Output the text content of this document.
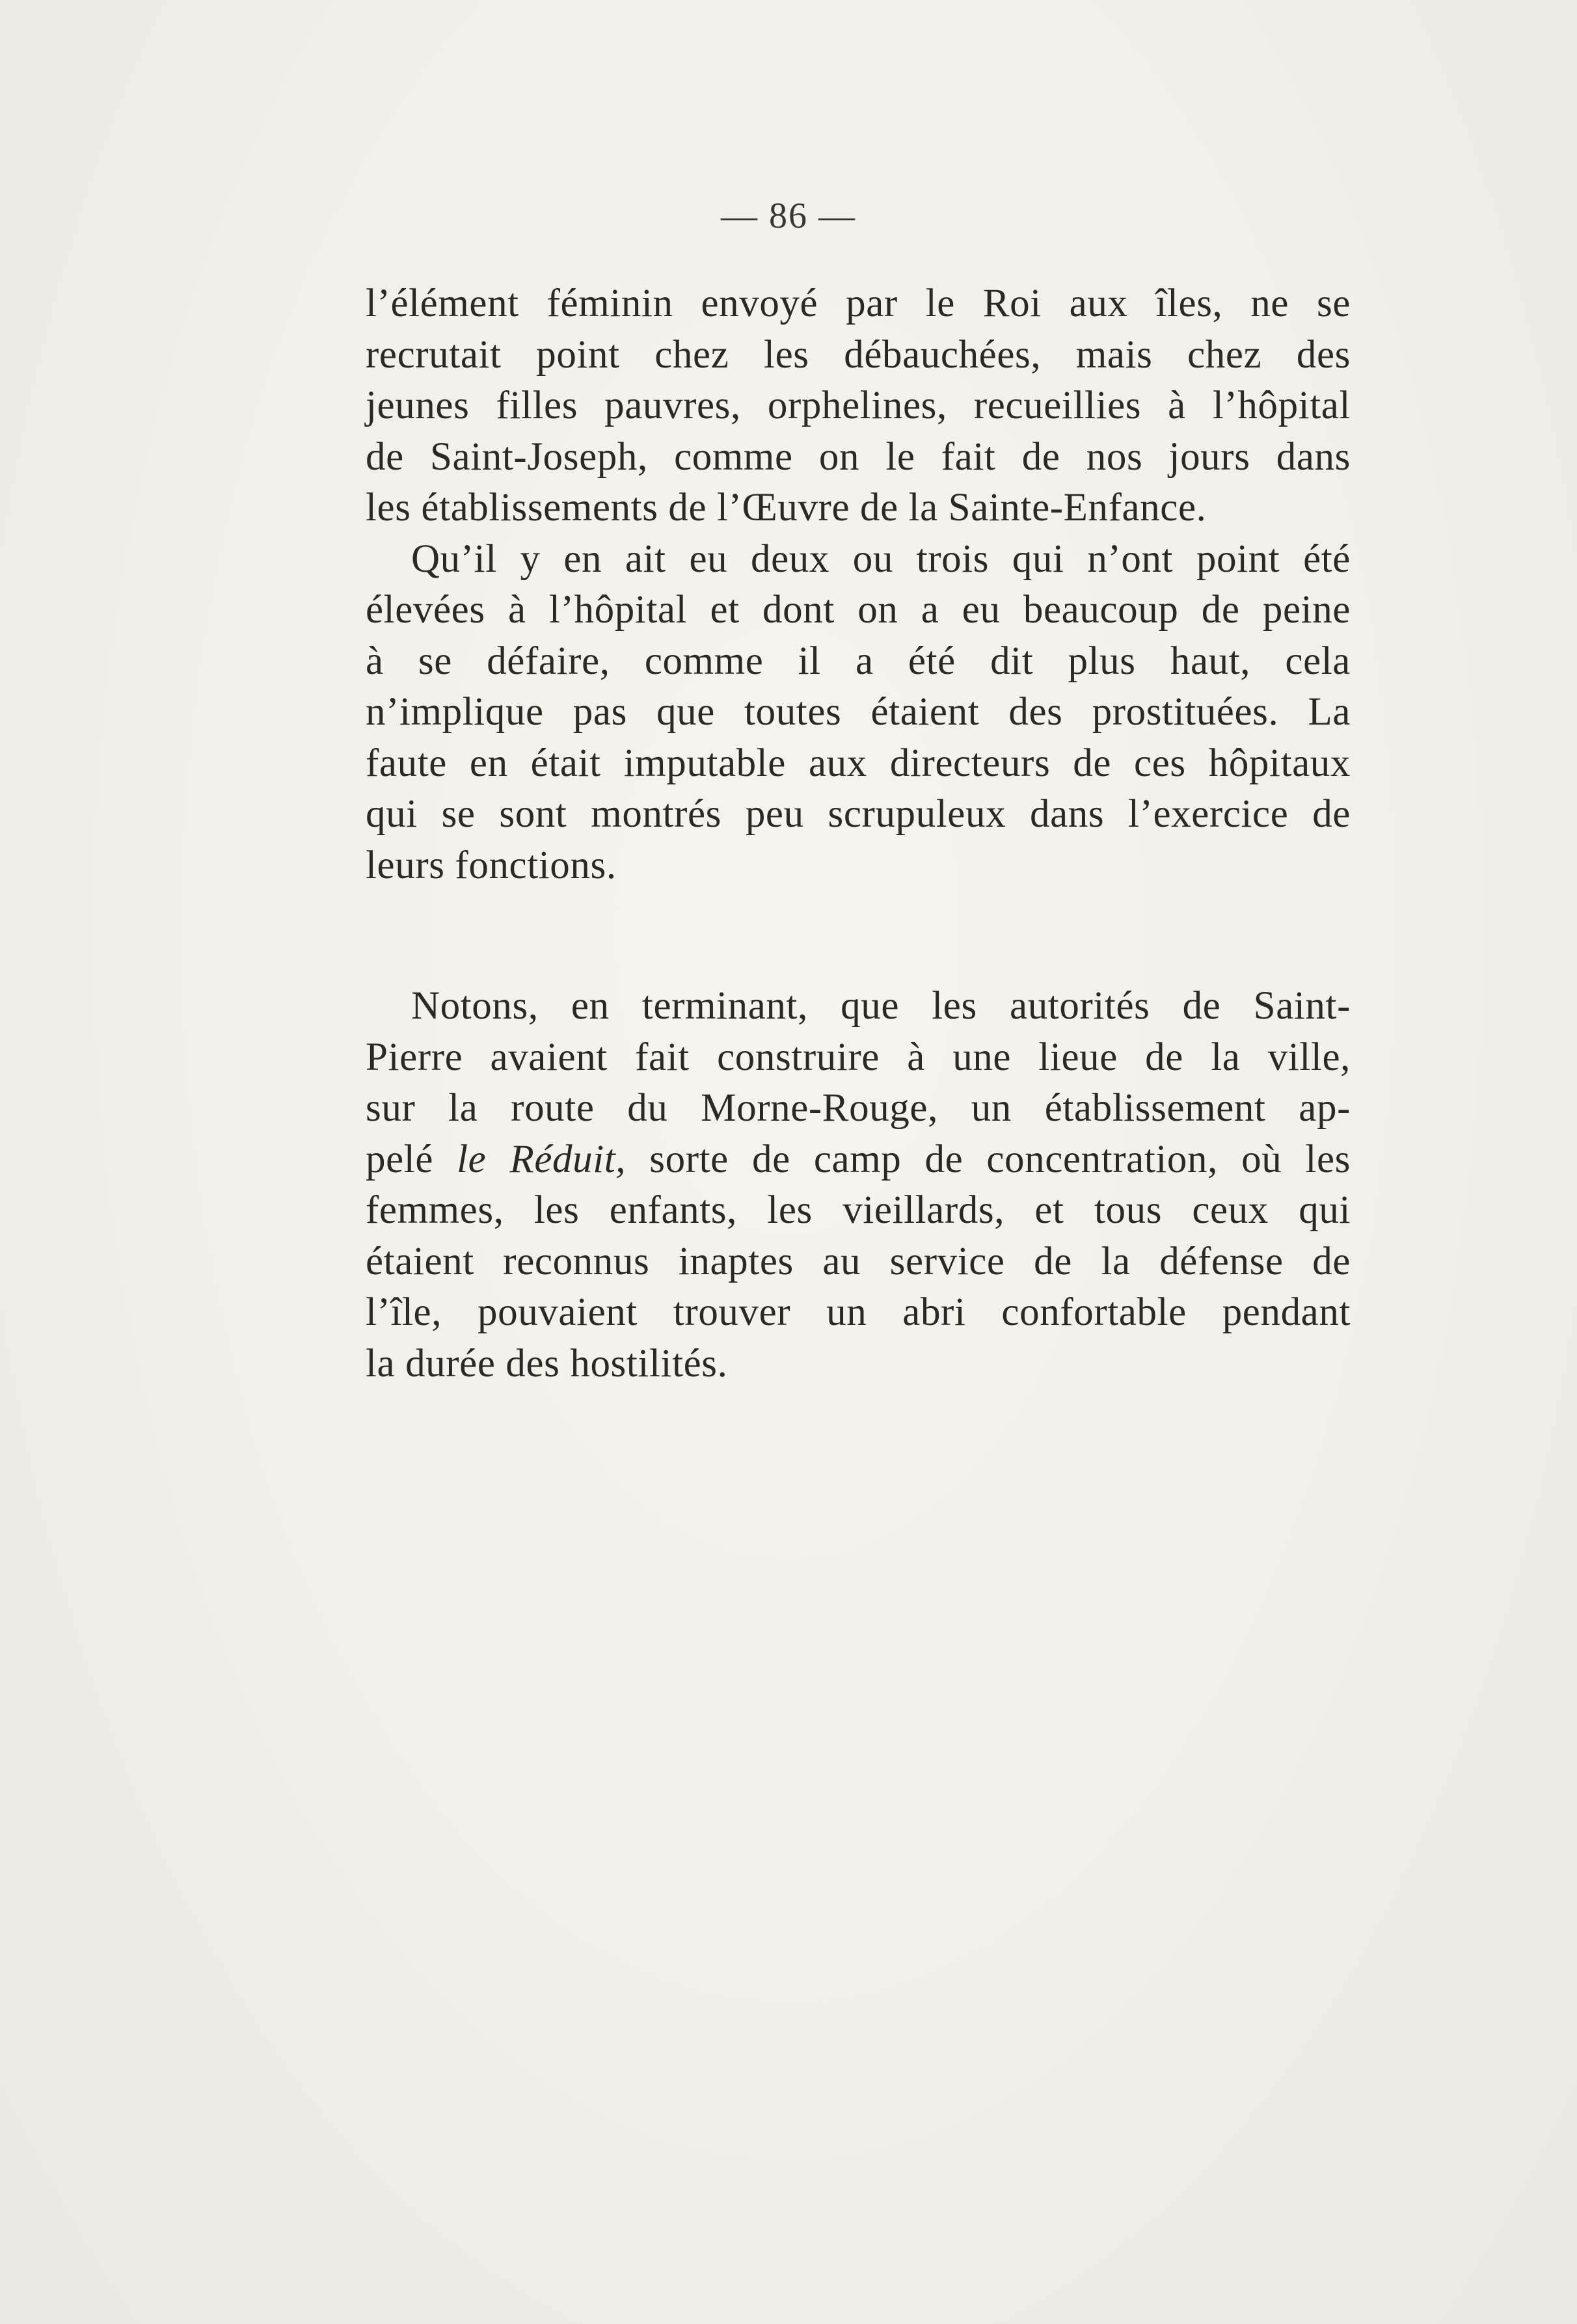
— 86 —
l’élément féminin envoyé par le Roi aux îles, ne se
recrutait point chez les débauchées, mais chez des
jeunes filles pauvres, orphelines, recueillies à l’hôpital
de Saint-Joseph, comme on le fait de nos jours dans
les établissements de l’Œuvre de la Sainte-Enfance.
Qu’il y en ait eu deux ou trois qui n’ont point été
élevées à l’hôpital et dont on a eu beaucoup de peine
à se défaire, comme il a été dit plus haut, cela
n’implique pas que toutes étaient des prostituées. La
faute en était imputable aux directeurs de ces hôpitaux
qui se sont montrés peu scrupuleux dans l’exercice de
leurs fonctions.
Notons, en terminant, que les autorités de Saint-
Pierre avaient fait construire à une lieue de la ville,
sur la route du Morne-Rouge, un établissement ap-
pelé le Réduit, sorte de camp de concentration, où les
femmes, les enfants, les vieillards, et tous ceux qui
étaient reconnus inaptes au service de la défense de
l’île, pouvaient trouver un abri confortable pendant
la durée des hostilités.
